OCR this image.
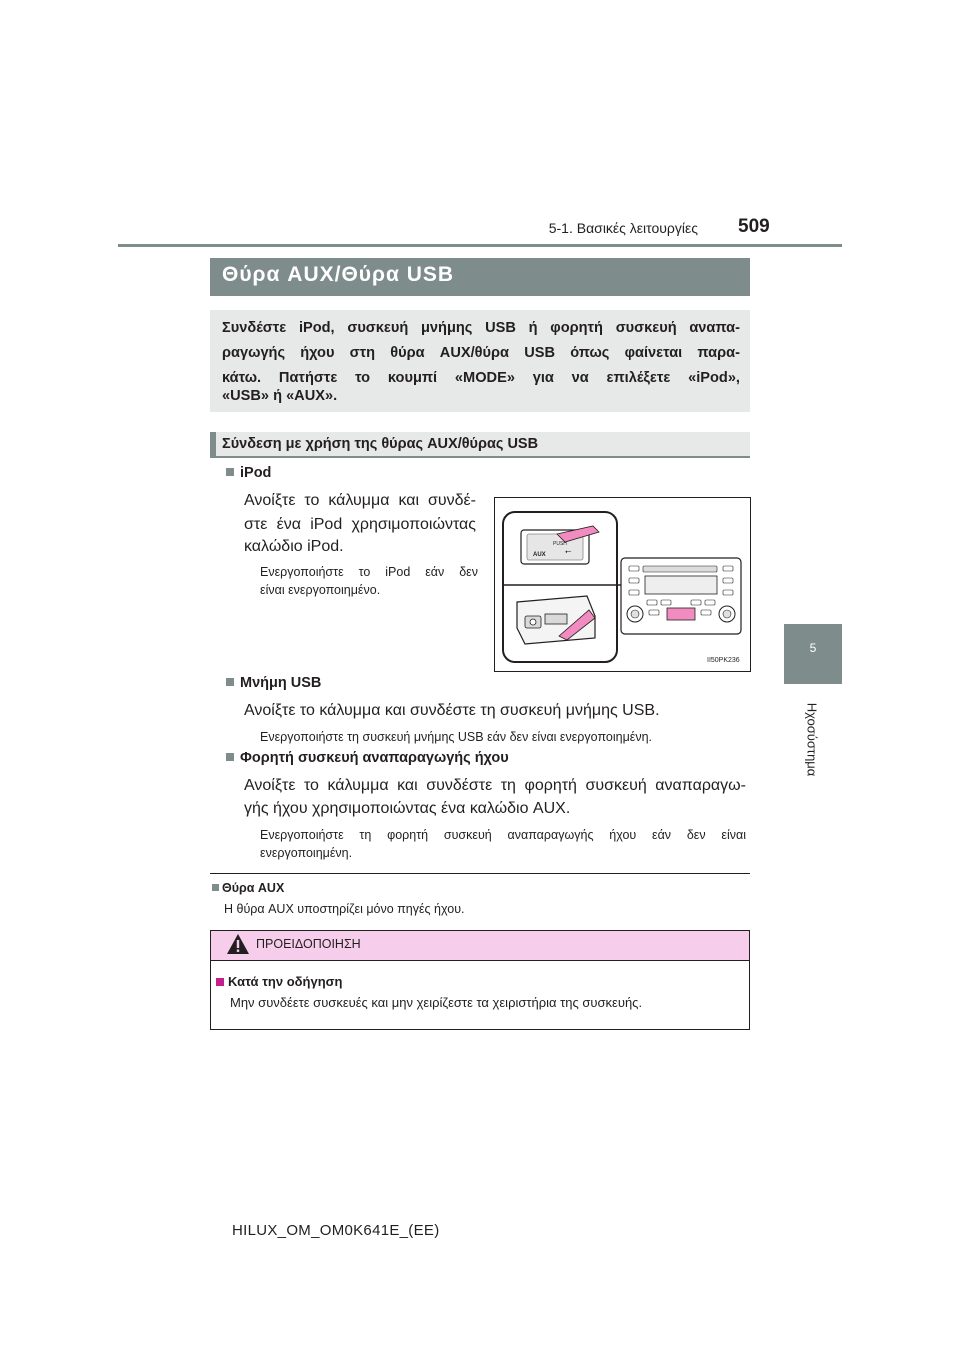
5-1. Βασικές λειτουργίες 509
5
Ηχοσύστημα
Θύρα AUX/Θύρα USB
Συνδέστε iPod, συσκευή μνήμης USB ή φορητή συσκευή αναπα-
ραγωγής ήχου στη θύρα AUX/θύρα USB όπως φαίνεται παρα-
κάτω. Πατήστε το κουμπί «MODE» για να επιλέξετε «iPod»,
«USB» ή «AUX».
Σύνδεση με χρήση της θύρας AUX/θύρας USB
iPod
Ανοίξτε το κάλυμμα και συνδέ-
στε ένα iPod χρησιμοποιώντας
καλώδιο iPod.
Ενεργοποιήστε το iPod εάν δεν
είναι ενεργοποιημένο.
PUSH
AUX ⭠
II50PK236
Μνήμη USB
Ανοίξτε το κάλυμμα και συνδέστε τη συσκευή μνήμης USB.
Ενεργοποιήστε τη συσκευή μνήμης USB εάν δεν είναι ενεργοποιημένη.
Φορητή συσκευή αναπαραγωγής ήχου
Ανοίξτε το κάλυμμα και συνδέστε τη φορητή συσκευή αναπαραγω-
γής ήχου χρησιμοποιώντας ένα καλώδιο AUX.
Ενεργοποιήστε τη φορητή συσκευή αναπαραγωγής ήχου εάν δεν είναι
ενεργοποιημένη.
Θύρα AUX
Η θύρα AUX υποστηρίζει μόνο πηγές ήχου.
ΠΡΟΕΙΔΟΠΟΙΗΣΗ
Κατά την οδήγηση
Μην συνδέετε συσκευές και μην χειρίζεστε τα χειριστήρια της συσκευής.
HILUX_OM_OM0K641E_(EE)
